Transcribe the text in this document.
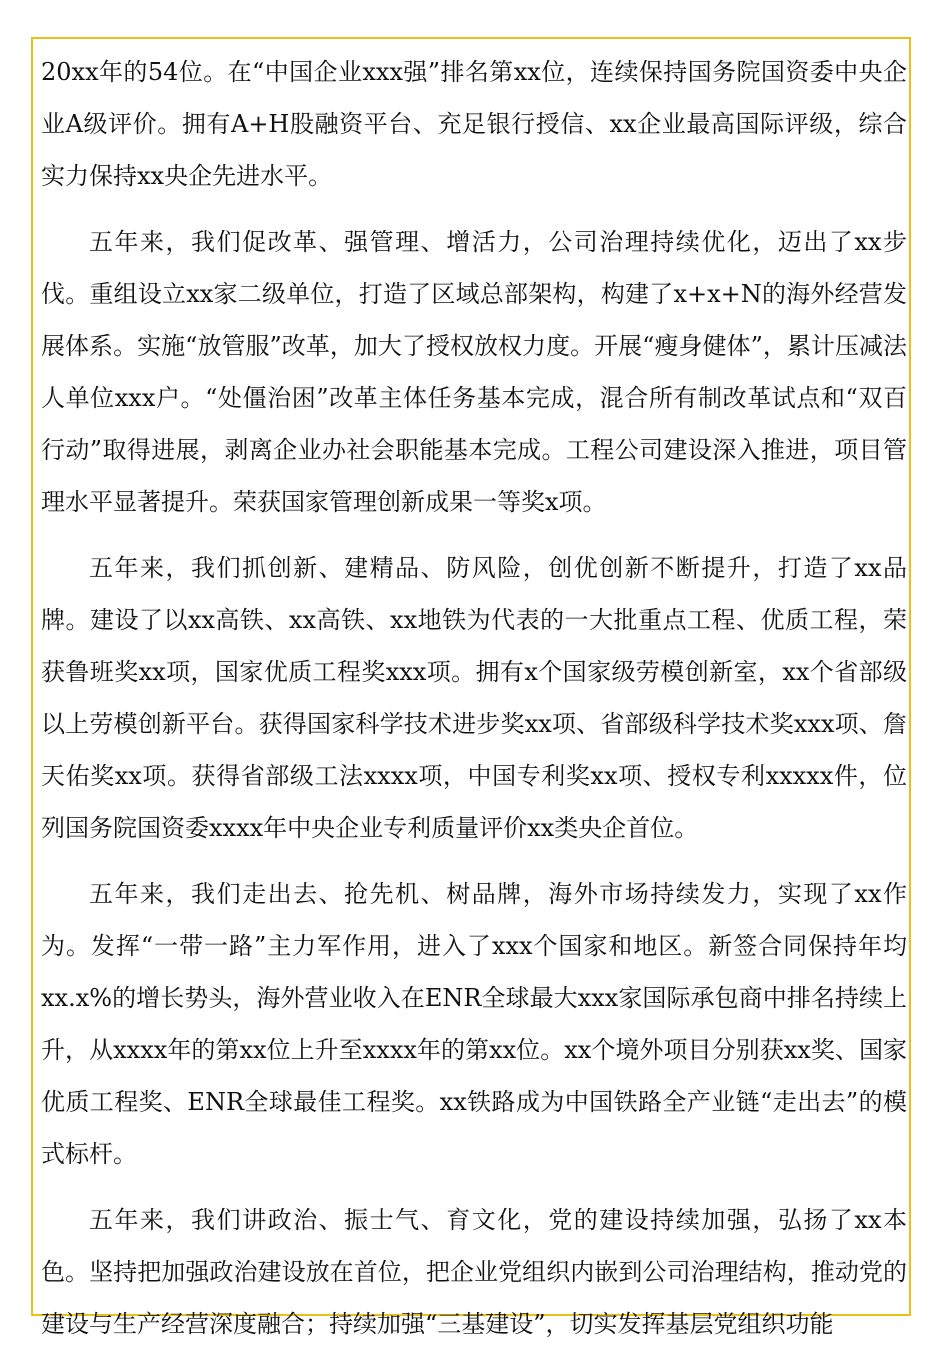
20xx年的54位。在“中国企业xxx强”排名第xx位，连续保持国务院国资委中央企业A级评价。拥有A+H股融资平台、充足银行授信、xx企业最高国际评级，综合实力保持xx央企先进水平。

五年来，我们促改革、强管理、增活力，公司治理持续优化，迈出了xx步伐。重组设立xx家二级单位，打造了区域总部架构，构建了x+x+N的海外经营发展体系。实施“放管服”改革，加大了授权放权力度。开展“瘦身健体”，累计压减法人单位xxx户。“处僵治困”改革主体任务基本完成，混合所有制改革试点和“双百行动”取得进展，剥离企业办社会职能基本完成。工程公司建设深入推进，项目管理水平显著提升。荣获国家管理创新成果一等奖x项。

五年来，我们抓创新、建精品、防风险，创优创新不断提升，打造了xx品牌。建设了以xx高铁、xx高铁、xx地铁为代表的一大批重点工程、优质工程，荣获鲁班奖xx项，国家优质工程奖xxx项。拥有x个国家级劳模创新室，xx个省部级以上劳模创新平台。获得国家科学技术进步奖xx项、省部级科学技术奖xxx项、詹天佑奖xx项。获得省部级工法xxxx项，中国专利奖xx项、授权专利xxxxx件，位列国务院国资委xxxx年中央企业专利质量评价xx类央企首位。

五年来，我们走出去、抢先机、树品牌，海外市场持续发力，实现了xx作为。发挥“一带一路”主力军作用，进入了xxx个国家和地区。新签合同保持年均xx.x%的增长势头，海外营业收入在ENR全球最大xxx家国际承包商中排名持续上升，从xxxx年的第xx位上升至xxxx年的第xx位。xx个境外项目分别获xx奖、国家优质工程奖、ENR全球最佳工程奖。xx铁路成为中国铁路全产业链“走出去”的模式标杆。

五年来，我们讲政治、振士气、育文化，党的建设持续加强，弘扬了xx本色。坚持把加强政治建设放在首位，把企业党组织内嵌到公司治理结构，推动党的建设与生产经营深度融合；持续加强“三基建设”，切实发挥基层党组织功能
